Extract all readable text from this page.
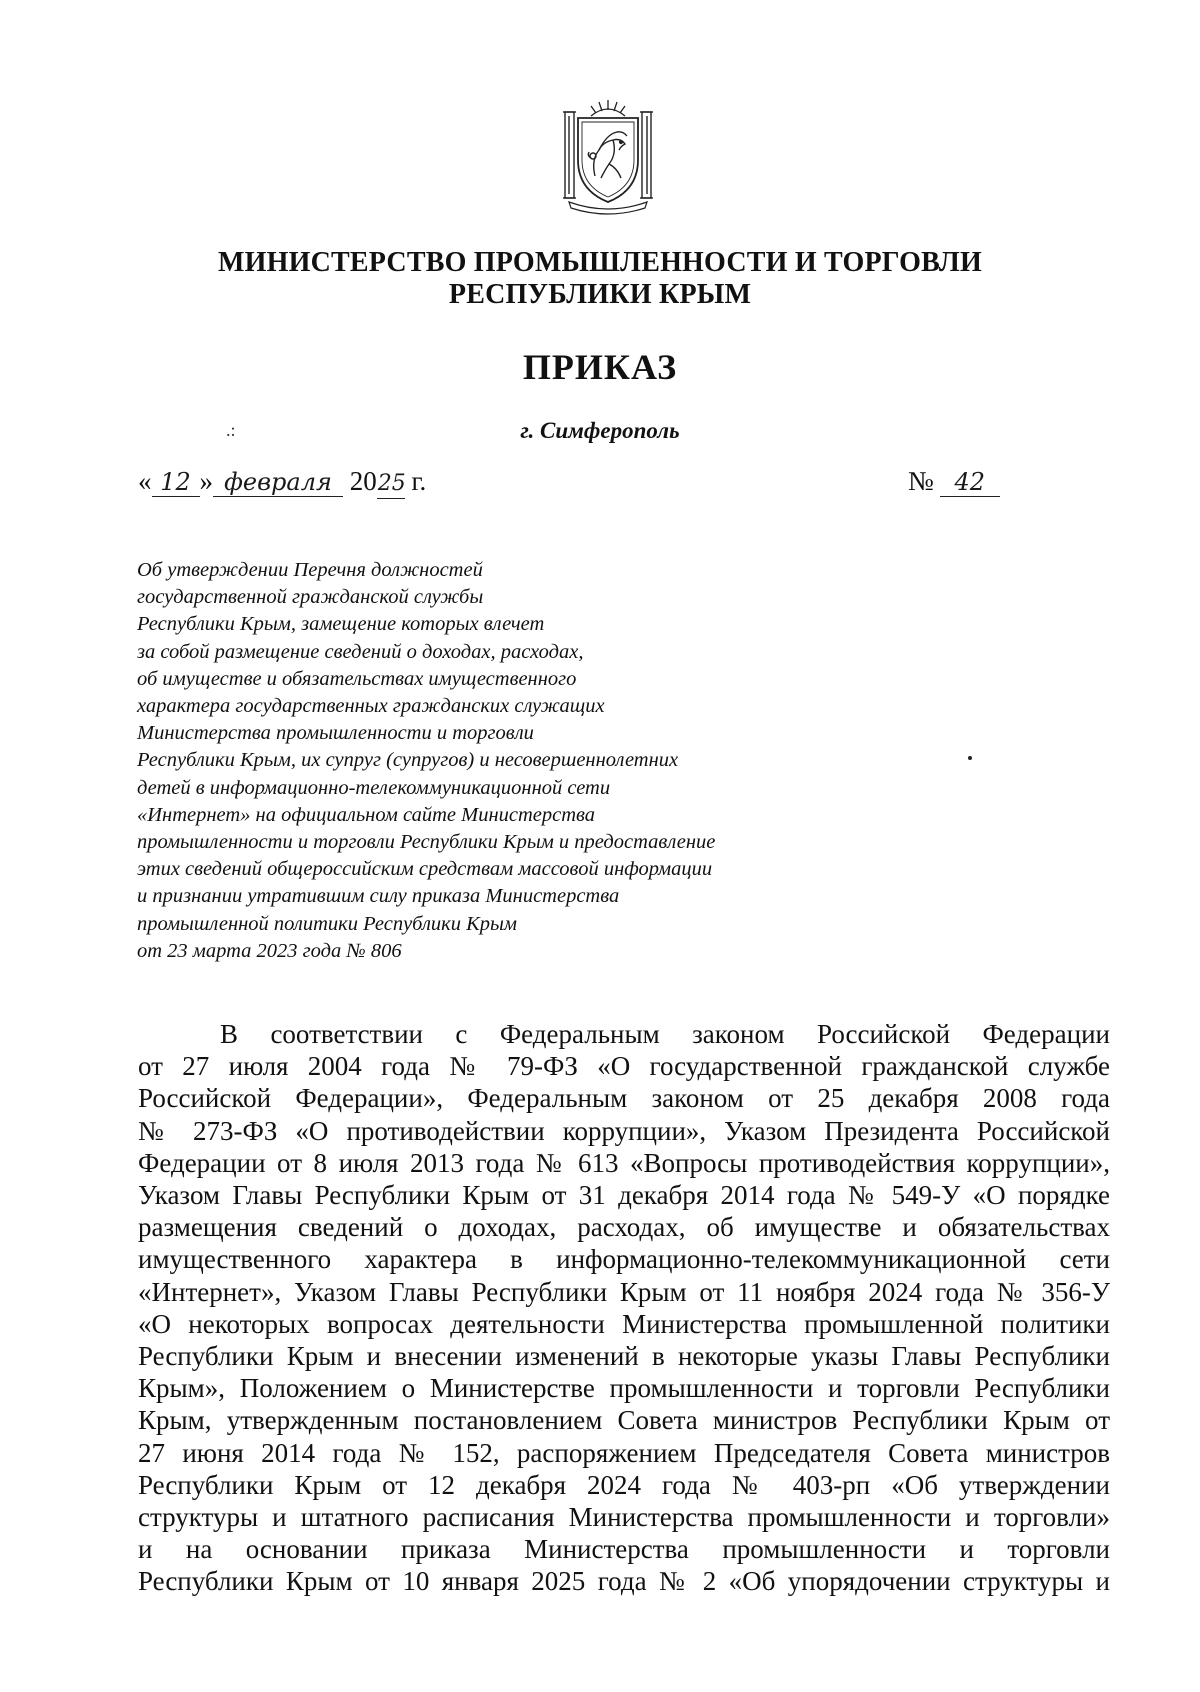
МИНИСТЕРСТВО ПРОМЫШЛЕННОСТИ И ТОРГОВЛИ
РЕСПУБЛИКИ КРЫМ
ПРИКАЗ
.:	г. Симферополь
« 12 » февраля 2025 г.	№ 42
Об утверждении Перечня должностей
государственной гражданской службы
Республики Крым, замещение которых влечет
за собой размещение сведений о доходах, расходах,
об имуществе и обязательствах имущественного
характера государственных гражданских служащих
Министерства промышленности и торговли
Республики Крым, их супруг (супругов) и несовершеннолетних
детей в информационно-телекоммуникационной сети
«Интернет» на официальном сайте Министерства
промышленности и торговли Республики Крым и предоставление
этих сведений общероссийским средствам массовой информации
и признании утратившим силу приказа Министерства
промышленной политики Республики Крым
от 23 марта 2023 года № 806
В соответствии с Федеральным законом Российской Федерации
от 27 июля 2004 года № 79-ФЗ «О государственной гражданской службе
Российской Федерации», Федеральным законом от 25 декабря 2008 года
№ 273-ФЗ «О противодействии коррупции», Указом Президента Российской
Федерации от 8 июля 2013 года № 613 «Вопросы противодействия коррупции»,
Указом Главы Республики Крым от 31 декабря 2014 года № 549-У «О порядке
размещения сведений о доходах, расходах, об имуществе и обязательствах
имущественного характера в информационно-телекоммуникационной сети
«Интернет», Указом Главы Республики Крым от 11 ноября 2024 года № 356-У
«О некоторых вопросах деятельности Министерства промышленной политики
Республики Крым и внесении изменений в некоторые указы Главы Республики
Крым», Положением о Министерстве промышленности и торговли Республики
Крым, утвержденным постановлением Совета министров Республики Крым от
27 июня 2014 года № 152, распоряжением Председателя Совета министров
Республики Крым от 12 декабря 2024 года № 403-рп «Об утверждении
структуры и штатного расписания Министерства промышленности и торговли»
и на основании приказа Министерства промышленности и торговли
Республики Крым от 10 января 2025 года № 2 «Об упорядочении структуры и
